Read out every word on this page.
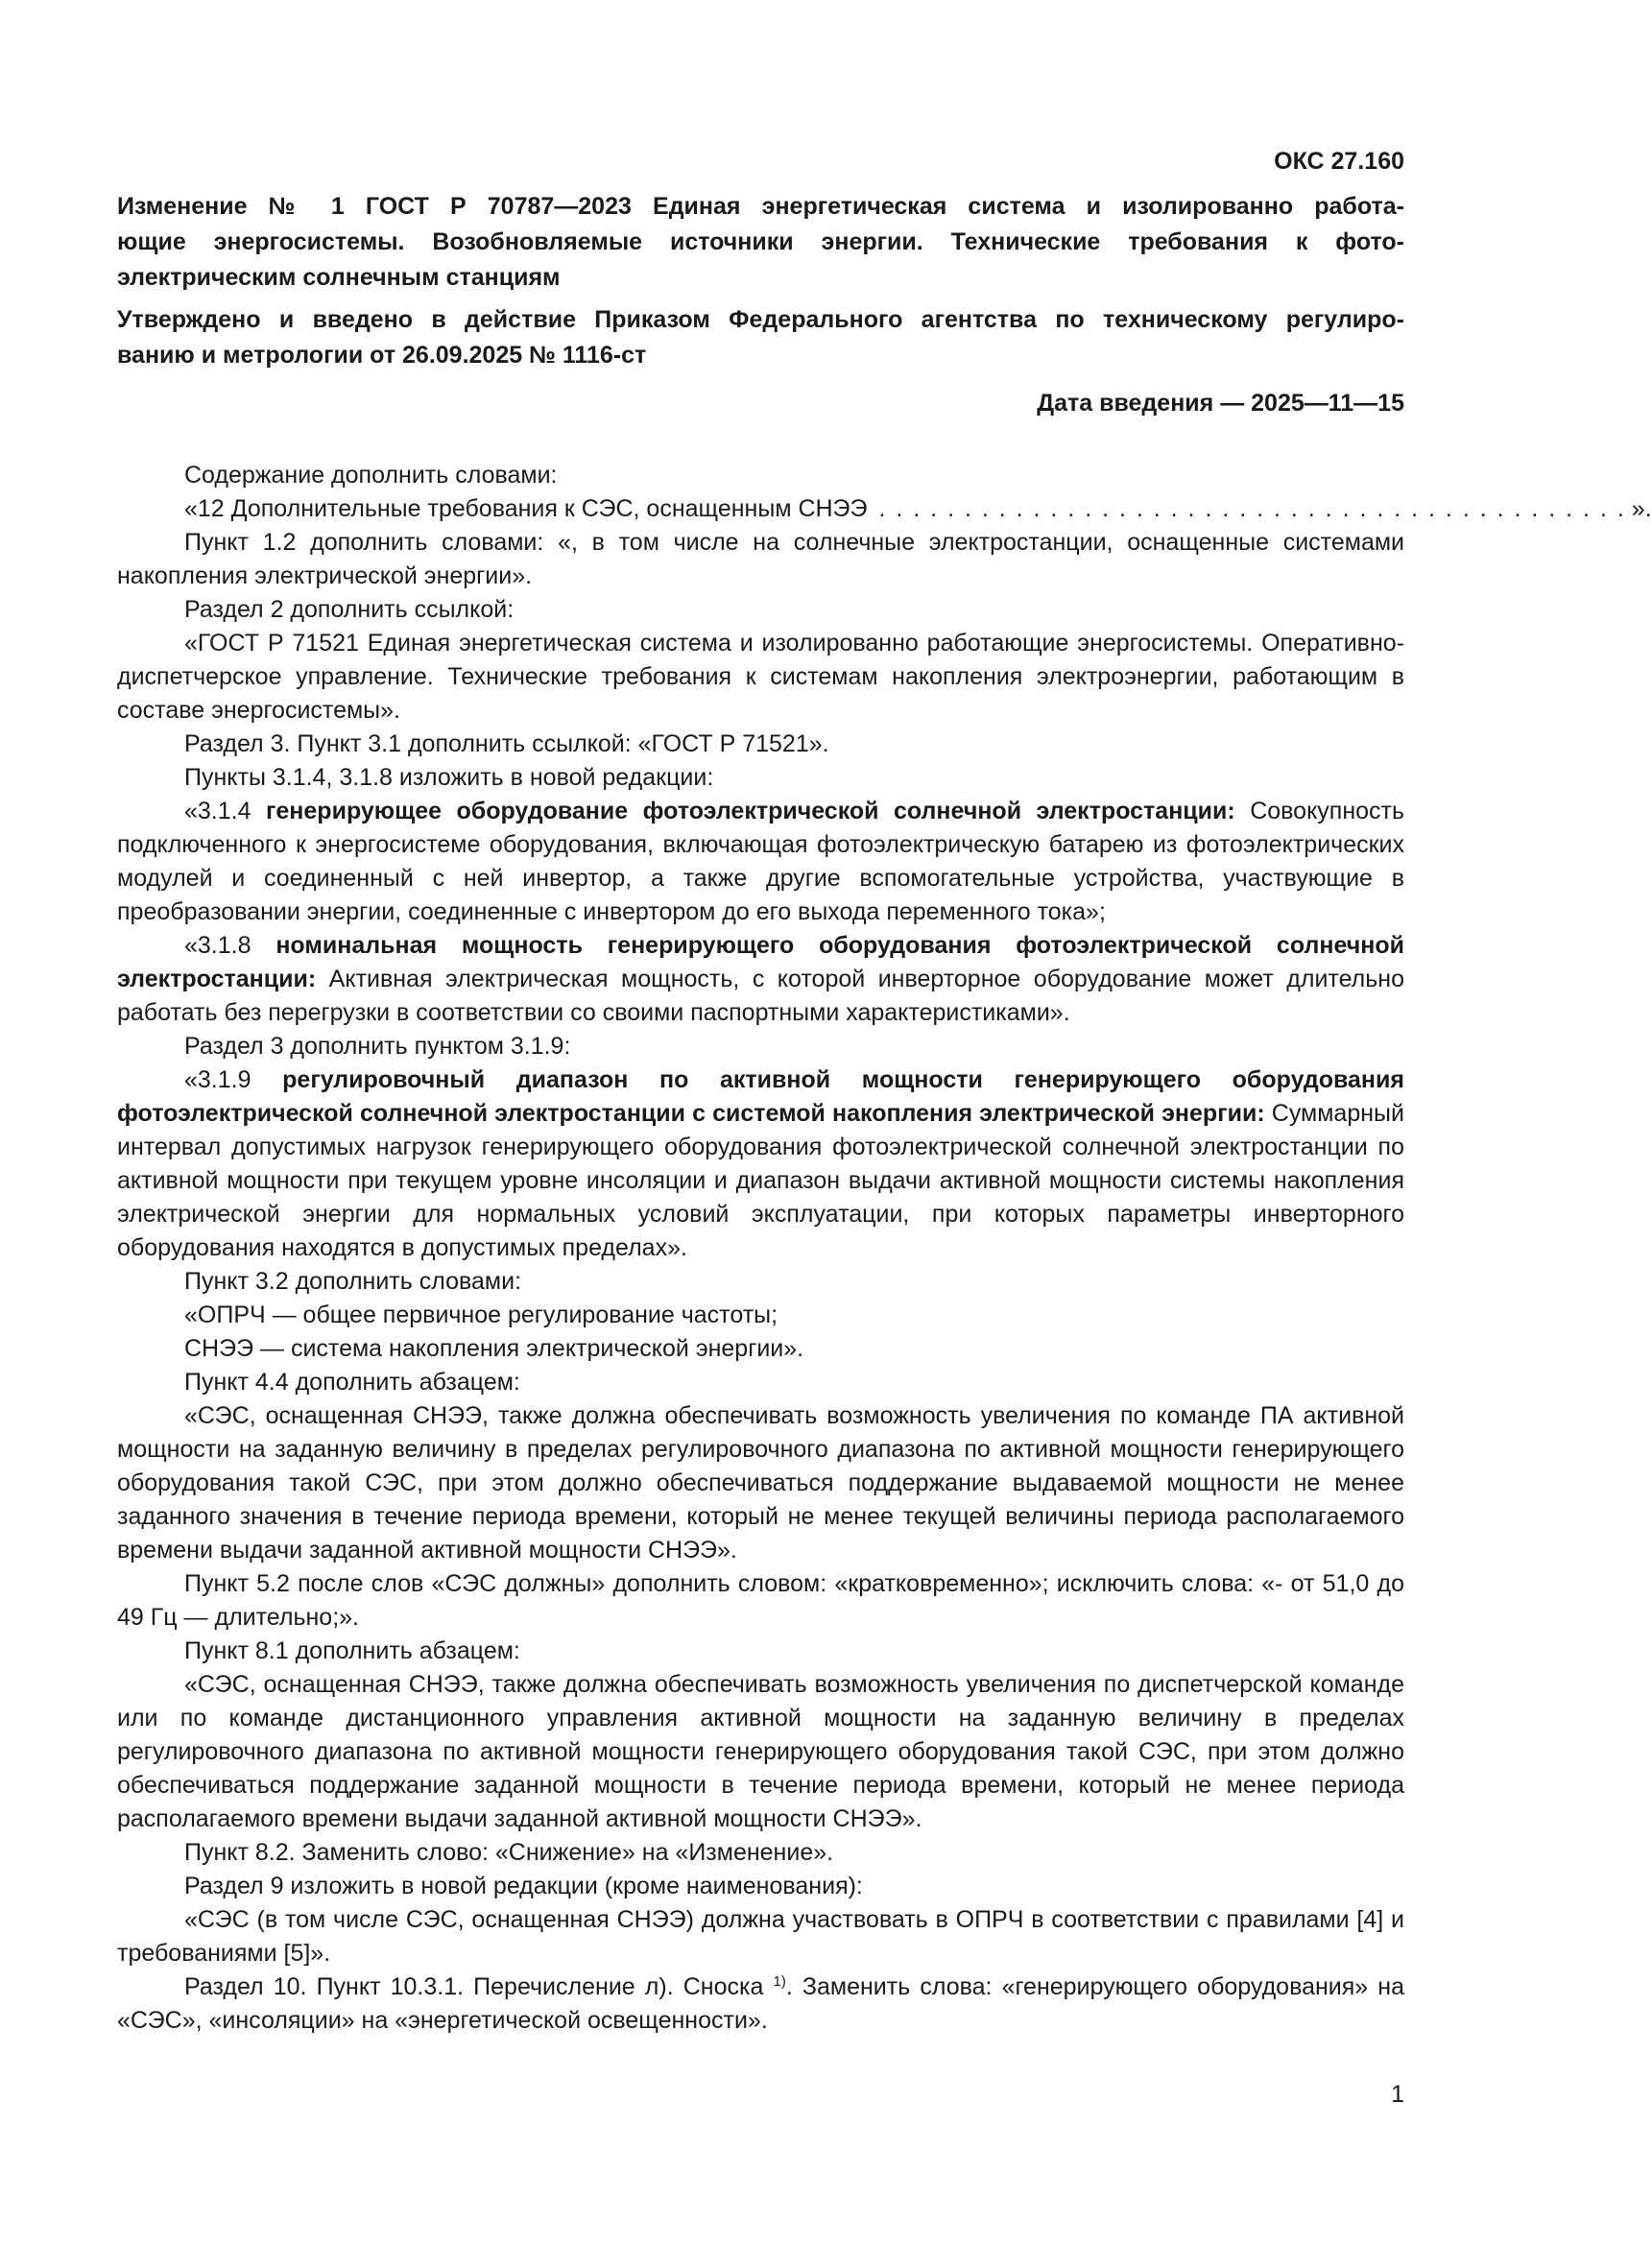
ОКС 27.160
Изменение № 1 ГОСТ Р 70787—2023 Единая энергетическая система и изолированно работа-
ющие энергосистемы. Возобновляемые источники энергии. Технические требования к фото-
электрическим солнечным станциям
Утверждено и введено в действие Приказом Федерального агентства по техническому регулиро-
ванию и метрологии от 26.09.2025 № 1116-ст
Дата введения — 2025—11—15

Содержание дополнить словами:

«12 Дополнительные требования к СЭС, оснащенным СНЭЭ . . . . . . . . . . . . . . . . . . . . . . . . . . . . . . . . . . . . . . . . . . . . ».

Пункт 1.2 дополнить словами: «, в том числе на солнечные электростанции, оснащенные системами накопления электрической энергии».

Раздел 2 дополнить ссылкой:

«ГОСТ Р 71521 Единая энергетическая система и изолированно работающие энергосистемы. Оперативно-диспетчерское управление. Технические требования к системам накопления электроэнергии, работающим в составе энергосистемы».

Раздел 3. Пункт 3.1 дополнить ссылкой: «ГОСТ Р 71521».

Пункты 3.1.4, 3.1.8 изложить в новой редакции:

«3.1.4 генерирующее оборудование фотоэлектрической солнечной электростанции: Совокупность подключенного к энергосистеме оборудования, включающая фотоэлектрическую батарею из фотоэлектрических модулей и соединенный с ней инвертор, а также другие вспомогательные устройства, участвующие в преобразовании энергии, соединенные с инвертором до его выхода переменного тока»;

«3.1.8 номинальная мощность генерирующего оборудования фотоэлектрической солнечной электростанции: Активная электрическая мощность, с которой инверторное оборудование может длительно работать без перегрузки в соответствии со своими паспортными характеристиками».

Раздел 3 дополнить пунктом 3.1.9:

«3.1.9 регулировочный диапазон по активной мощности генерирующего оборудования фотоэлектрической солнечной электростанции с системой накопления электрической энергии: Суммарный интервал допустимых нагрузок генерирующего оборудования фотоэлектрической солнечной электростанции по активной мощности при текущем уровне инсоляции и диапазон выдачи активной мощности системы накопления электрической энергии для нормальных условий эксплуатации, при которых параметры инверторного оборудования находятся в допустимых пределах».

Пункт 3.2 дополнить словами:

«ОПРЧ — общее первичное регулирование частоты;

СНЭЭ — система накопления электрической энергии».

Пункт 4.4 дополнить абзацем:

«СЭС, оснащенная СНЭЭ, также должна обеспечивать возможность увеличения по команде ПА активной мощности на заданную величину в пределах регулировочного диапазона по активной мощности генерирующего оборудования такой СЭС, при этом должно обеспечиваться поддержание выдаваемой мощности не менее заданного значения в течение периода времени, который не менее текущей величины периода располагаемого времени выдачи заданной активной мощности СНЭЭ».

Пункт 5.2 после слов «СЭС должны» дополнить словом: «кратковременно»; исключить слова: «- от 51,0 до 49 Гц — длительно;».

Пункт 8.1 дополнить абзацем:

«СЭС, оснащенная СНЭЭ, также должна обеспечивать возможность увеличения по диспетчерской команде или по команде дистанционного управления активной мощности на заданную величину в пределах регулировочного диапазона по активной мощности генерирующего оборудования такой СЭС, при этом должно обеспечиваться поддержание заданной мощности в течение периода времени, который не менее периода располагаемого времени выдачи заданной активной мощности СНЭЭ».

Пункт 8.2. Заменить слово: «Снижение» на «Изменение».

Раздел 9 изложить в новой редакции (кроме наименования):

«СЭС (в том числе СЭС, оснащенная СНЭЭ) должна участвовать в ОПРЧ в соответствии с правилами [4] и требованиями [5]».

Раздел 10. Пункт 10.3.1. Перечисление л). Сноска $^{1)}$. Заменить слова: «генерирующего оборудования» на «СЭС», «инсоляции» на «энергетической освещенности».

1
